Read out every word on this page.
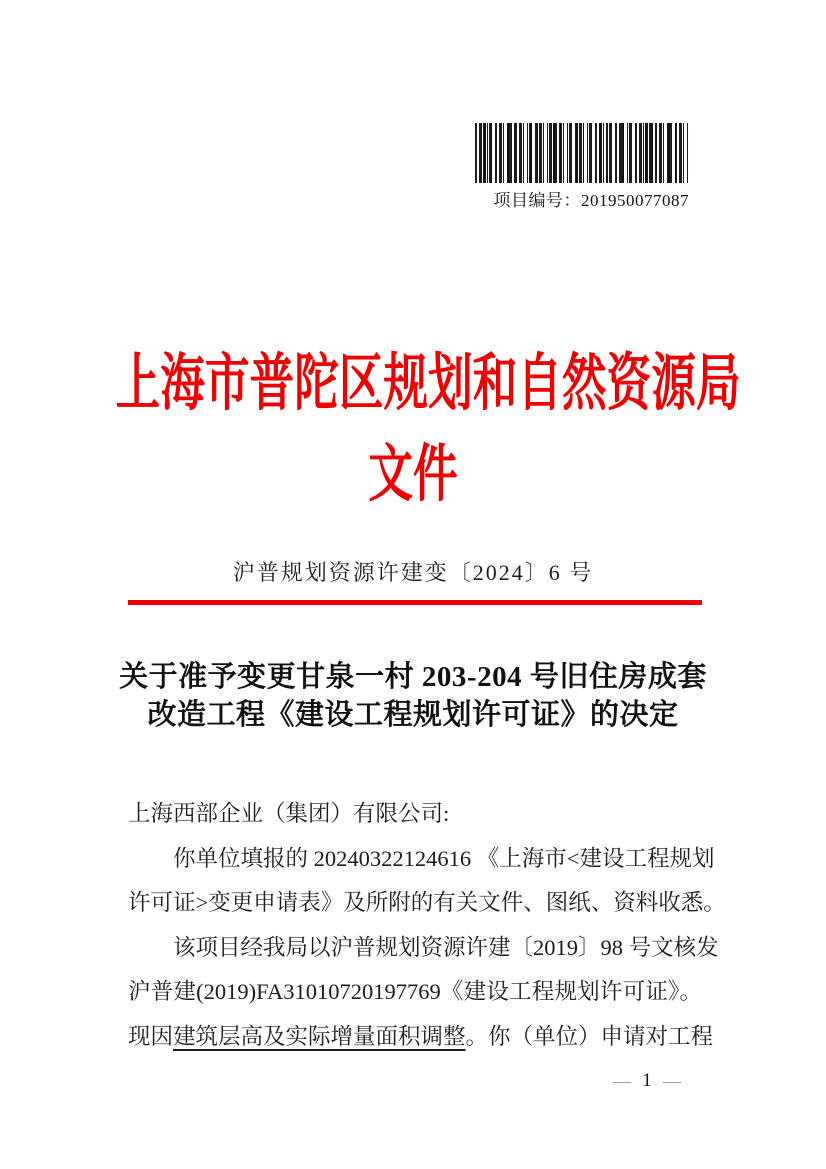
项目编号：201950077087
上海市普陀区规划和自然资源局
文件
沪普规划资源许建变〔2024〕6 号
关于准予变更甘泉一村 203-204 号旧住房成套
改造工程《建设工程规划许可证》的决定
上海西部企业（集团）有限公司:
你单位填报的 20240322124616 《上海市<建设工程规划
许可证>变更申请表》及所附的有关文件、图纸、资料收悉。
该项目经我局以沪普规划资源许建〔2019〕98 号文核发
沪普建(2019)FA31010720197769《建设工程规划许可证》。
现因建筑层高及实际增量面积调整。你（单位）申请对工程
— 1 —
